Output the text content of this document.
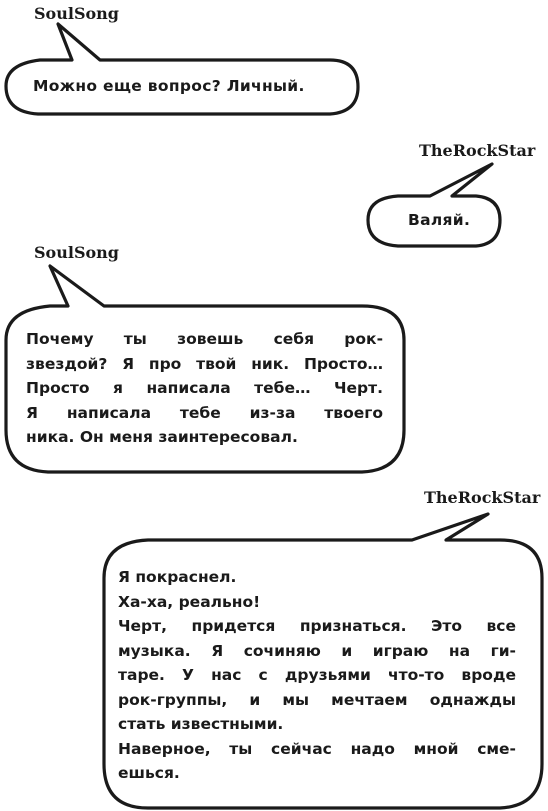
SoulSong
Можно еще вопрос? Личный.
TheRockStar
Валяй.
SoulSong
Почему ты зовешь себя рок-
звездой? Я про твой ник. Просто…
Просто я написала тебе… Черт.
Я написала тебе из-за твоего
ника. Он меня заинтересовал.
TheRockStar
Я покраснел.
Ха-ха, реально!
Черт, придется признаться. Это все
музыка. Я сочиняю и играю на ги-
таре. У нас с друзьями что-то вроде
рок-группы, и мы мечтаем однажды
стать известными.
Наверное, ты сейчас надо мной сме-
ешься.
